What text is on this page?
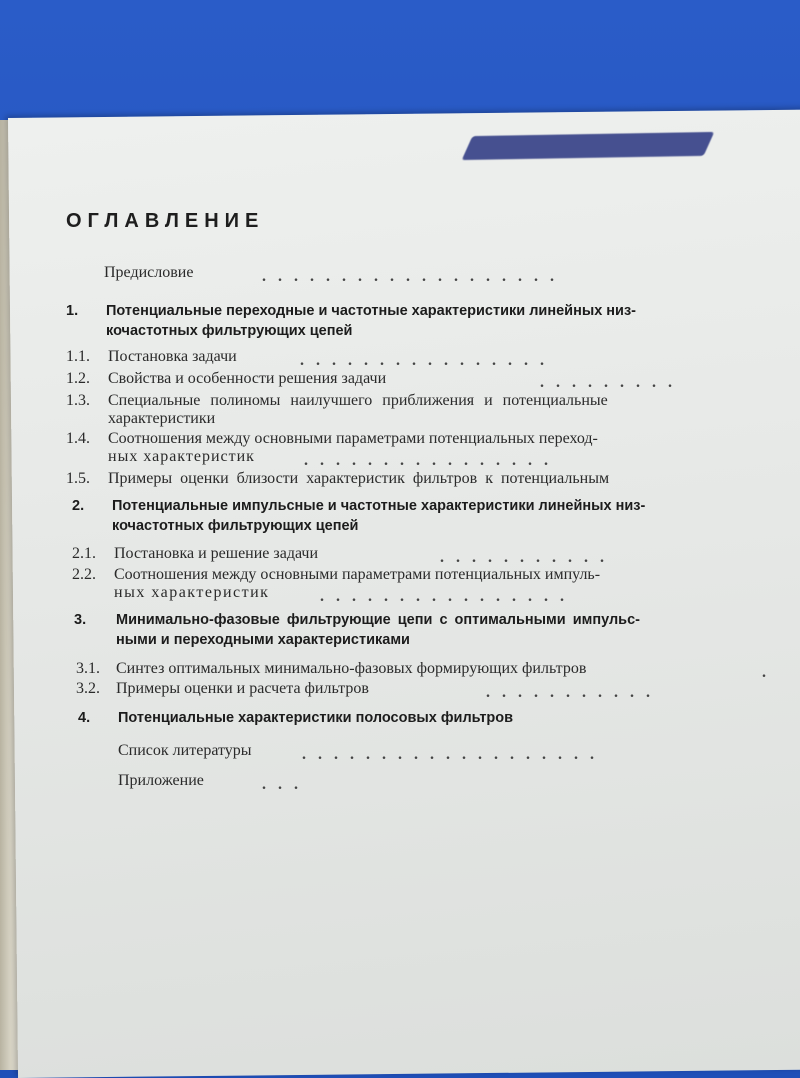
ОГЛАВЛЕНИЕ
Предисловие	.   .   .   .   .   .   .   .   .   .   .   .   .   .   .   .   .   .   .
1. Потенциальные переходные и частотные характеристики линейных низ-
кочастотных фильтрующих цепей
1.1. Постановка задачи	.   .   .   .   .   .   .   .   .   .   .   .   .   .   .   .
1.2. Свойства и особенности решения задачи	.   .   .   .   .   .   .   .   .
1.3. Специальные полиномы наилучшего приближения и потенциальные
характеристики
1.4. Соотношения между основными параметрами потенциальных переход-
ных характеристик	.   .   .   .   .   .   .   .   .   .   .   .   .   .   .   .
1.5. Примеры оценки близости характеристик фильтров к потенциальным
2. Потенциальные импульсные и частотные характеристики линейных низ-
кочастотных фильтрующих цепей
2.1. Постановка и решение задачи	.   .   .   .   .   .   .   .   .   .   .
2.2. Соотношения между основными параметрами потенциальных импуль-
ных характеристик	.   .   .   .   .   .   .   .   .   .   .   .   .   .   .   .
3. Минимально-фазовые фильтрующие цепи с оптимальными импульс-
ными и переходными характеристиками
3.1. Синтез оптимальных минимально-фазовых формирующих фильтров	.
3.2. Примеры оценки и расчета фильтров	.   .   .   .   .   .   .   .   .   .   .
4. Потенциальные характеристики полосовых фильтров
Список литературы	.   .   .   .   .   .   .   .   .   .   .   .   .   .   .   .   .   .   .
Приложение	.   .   .
